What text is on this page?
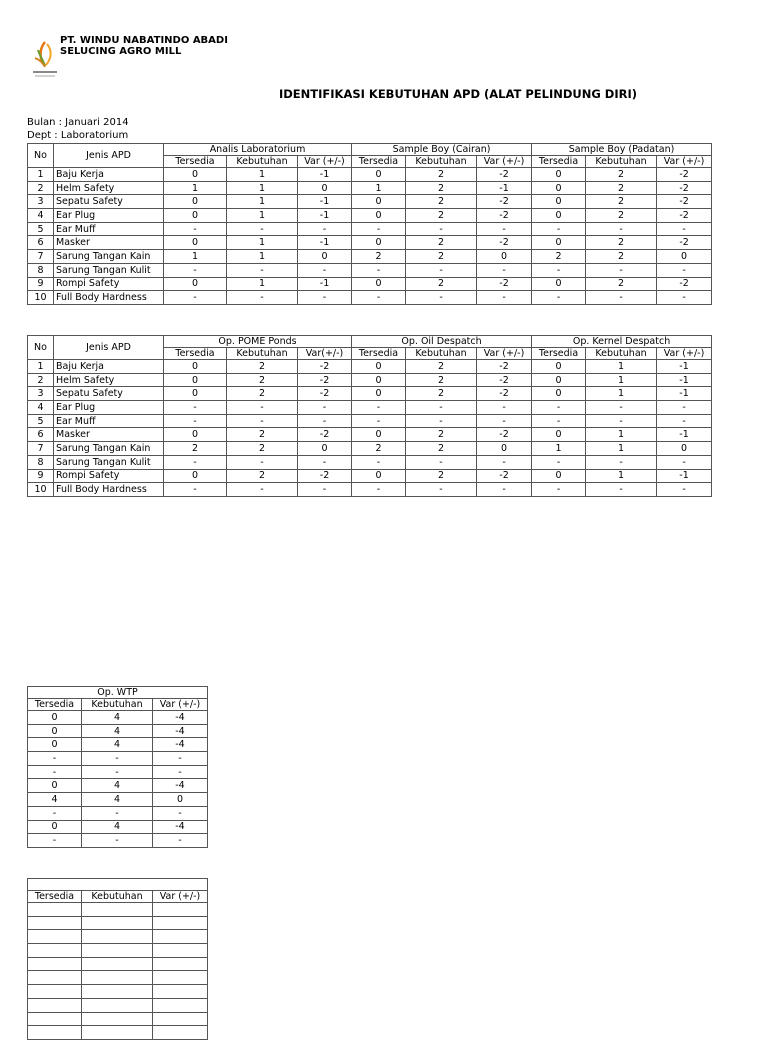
PT. WINDU NABATINDO ABADI
SELUCING AGRO MILL
IDENTIFIKASI KEBUTUHAN APD (ALAT PELINDUNG DIRI)
Bulan : Januari 2014
Dept : Laboratorium
No	Jenis APD	Analis Laboratorium			Sample Boy (Cairan)			Sample Boy (Padatan)		
		Tersedia	Kebutuhan	Var (+/-)	Tersedia	Kebutuhan	Var (+/-)	Tersedia	Kebutuhan	Var (+/-)
1	Baju Kerja	0	1	-1	0	2	-2	0	2	-2
2	Helm Safety	1	1	0	1	2	-1	0	2	-2
3	Sepatu Safety	0	1	-1	0	2	-2	0	2	-2
4	Ear Plug	0	1	-1	0	2	-2	0	2	-2
5	Ear Muff	-	-	-	-	-	-	-	-	-
6	Masker	0	1	-1	0	2	-2	0	2	-2
7	Sarung Tangan Kain	1	1	0	2	2	0	2	2	0
8	Sarung Tangan Kulit	-	-	-	-	-	-	-	-	-
9	Rompi Safety	0	1	-1	0	2	-2	0	2	-2
10	Full Body Hardness	-	-	-	-	-	-	-	-	-
No	Jenis APD	Op. POME Ponds			Op. Oil Despatch			Op. Kernel Despatch		
		Tersedia	Kebutuhan	Var(+/-)	Tersedia	Kebutuhan	Var (+/-)	Tersedia	Kebutuhan	Var (+/-)
1	Baju Kerja	0	2	-2	0	2	-2	0	1	-1
2	Helm Safety	0	2	-2	0	2	-2	0	1	-1
3	Sepatu Safety	0	2	-2	0	2	-2	0	1	-1
4	Ear Plug	-	-	-	-	-	-	-	-	-
5	Ear Muff	-	-	-	-	-	-	-	-	-
6	Masker	0	2	-2	0	2	-2	0	1	-1
7	Sarung Tangan Kain	2	2	0	2	2	0	1	1	0
8	Sarung Tangan Kulit	-	-	-	-	-	-	-	-	-
9	Rompi Safety	0	2	-2	0	2	-2	0	1	-1
10	Full Body Hardness	-	-	-	-	-	-	-	-	-
Op. WTP		
Tersedia	Kebutuhan	Var (+/-)
0	4	-4
0	4	-4
0	4	-4
-	-	-
-	-	-
0	4	-4
4	4	0
-	-	-
0	4	-4
-	-	-

Tersedia	Kebutuhan	Var (+/-)
